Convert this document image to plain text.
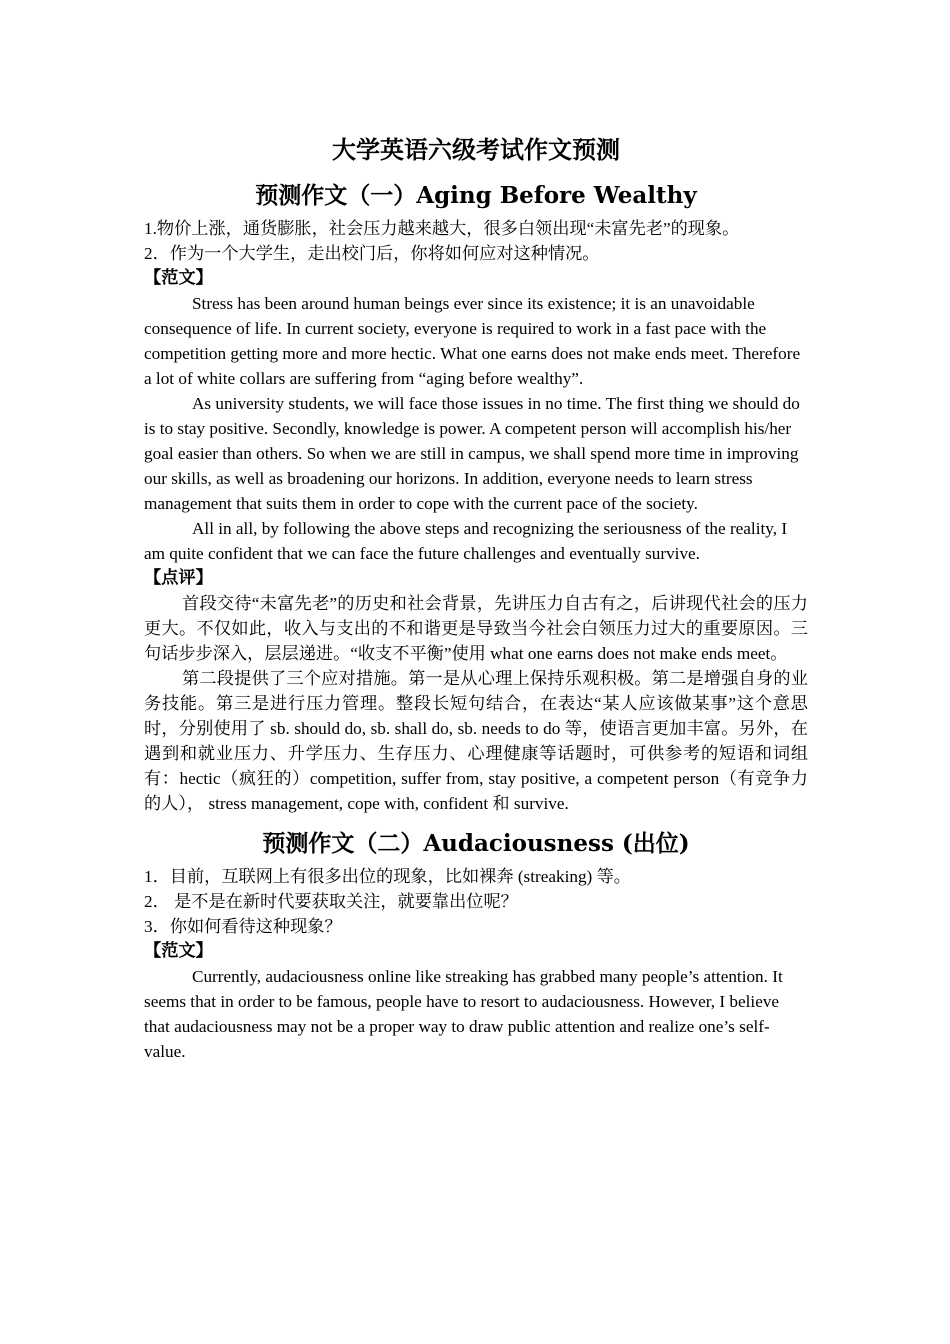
大学英语六级考试作文预测
预测作文（一）Aging Before Wealthy

1.物价上涨，通货膨胀，社会压力越来越大，很多白领出现“未富先老”的现象。

2．作为一个大学生，走出校门后，你将如何应对这种情况。

【范文】

Stress has been around human beings ever since its existence; it is an unavoidable consequence of life. In current society, everyone is required to work in a fast pace with the competition getting more and more hectic. What one earns does not make ends meet. Therefore a lot of white collars are suffering from “aging before wealthy”.

As university students, we will face those issues in no time. The first thing we should do is to stay positive. Secondly, knowledge is power. A competent person will accomplish his/her goal easier than others. So when we are still in campus, we shall spend more time in improving our skills, as well as broadening our horizons. In addition, everyone needs to learn stress management that suits them in order to cope with the current pace of the society.

All in all, by following the above steps and recognizing the seriousness of the reality, I am quite confident that we can face the future challenges and eventually survive.

【点评】

首段交待“未富先老”的历史和社会背景，先讲压力自古有之，后讲现代社会的压力更大。不仅如此，收入与支出的不和谐更是导致当今社会白领压力过大的重要原因。三句话步步深入，层层递进。“收支不平衡”使用 what one earns does not make ends meet。

第二段提供了三个应对措施。第一是从心理上保持乐观积极。第二是增强自身的业务技能。第三是进行压力管理。整段长短句结合，在表达“某人应该做某事”这个意思时，分别使用了 sb. should do, sb. shall do, sb. needs to do 等，使语言更加丰富。另外，在遇到和就业压力、升学压力、生存压力、心理健康等话题时，可供参考的短语和词组有：hectic（疯狂的）competition, suffer from, stay positive, a competent person（有竞争力的人）， stress management, cope with, confident 和 survive.

预测作文（二）Audaciousness (出位)

1．目前，互联网上有很多出位的现象，比如裸奔 (streaking) 等。

2． 是不是在新时代要获取关注，就要靠出位呢？

3．你如何看待这种现象？

【范文】

Currently, audaciousness online like streaking has grabbed many people’s attention. It seems that in order to be famous, people have to resort to audaciousness. However, I believe that audaciousness may not be a proper way to draw public attention and realize one’s self-value.
